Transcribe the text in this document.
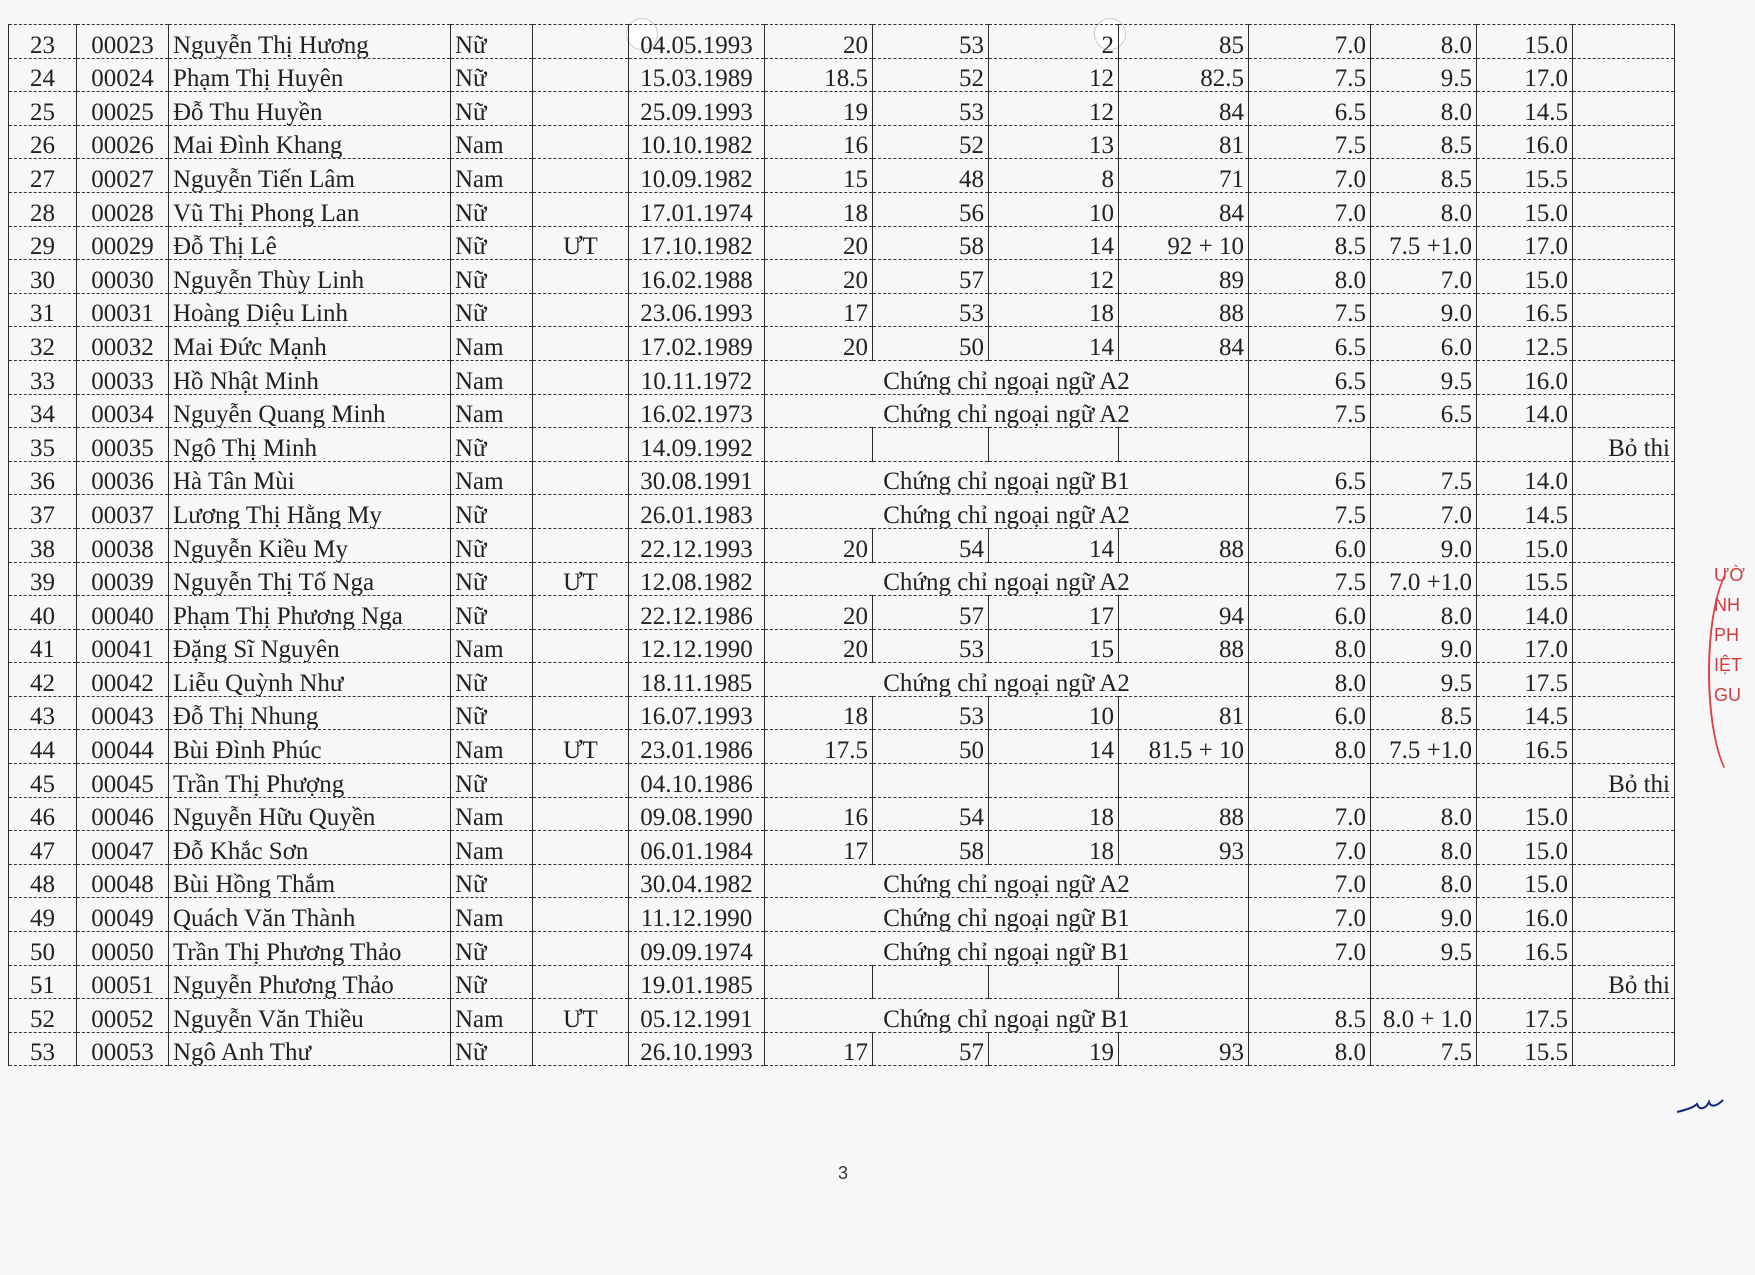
23	00023	Nguyễn Thị Hương	Nữ		04.05.1993	20	53	2	85	7.0	8.0	15.0	
24	00024	Phạm Thị Huyên	Nữ		15.03.1989	18.5	52	12	82.5	7.5	9.5	17.0	
25	00025	Đỗ Thu Huyền	Nữ		25.09.1993	19	53	12	84	6.5	8.0	14.5	
26	00026	Mai Đình Khang	Nam		10.10.1982	16	52	13	81	7.5	8.5	16.0	
27	00027	Nguyễn Tiến Lâm	Nam		10.09.1982	15	48	8	71	7.0	8.5	15.5	
28	00028	Vũ Thị Phong Lan	Nữ		17.01.1974	18	56	10	84	7.0	8.0	15.0	
29	00029	Đỗ Thị Lê	Nữ	ƯT	17.10.1982	20	58	14	92 + 10	8.5	7.5 +1.0	17.0	
30	00030	Nguyễn Thùy Linh	Nữ		16.02.1988	20	57	12	89	8.0	7.0	15.0	
31	00031	Hoàng Diệu Linh	Nữ		23.06.1993	17	53	18	88	7.5	9.0	16.5	
32	00032	Mai Đức Mạnh	Nam		17.02.1989	20	50	14	84	6.5	6.0	12.5	
33	00033	Hồ Nhật Minh	Nam		10.11.1972	Chứng chỉ ngoại ngữ A2				6.5	9.5	16.0	
34	00034	Nguyễn Quang Minh	Nam		16.02.1973	Chứng chỉ ngoại ngữ A2				7.5	6.5	14.0	
35	00035	Ngô Thị Minh	Nữ		14.09.1992								Bỏ thi
36	00036	Hà Tân Mùi	Nam		30.08.1991	Chứng chỉ ngoại ngữ B1				6.5	7.5	14.0	
37	00037	Lương Thị Hằng My	Nữ		26.01.1983	Chứng chỉ ngoại ngữ A2				7.5	7.0	14.5	
38	00038	Nguyễn Kiều My	Nữ		22.12.1993	20	54	14	88	6.0	9.0	15.0	
39	00039	Nguyễn Thị Tố Nga	Nữ	ƯT	12.08.1982	Chứng chỉ ngoại ngữ A2				7.5	7.0 +1.0	15.5	
40	00040	Phạm Thị Phương Nga	Nữ		22.12.1986	20	57	17	94	6.0	8.0	14.0	
41	00041	Đặng Sĩ Nguyên	Nam		12.12.1990	20	53	15	88	8.0	9.0	17.0	
42	00042	Liễu Quỳnh Như	Nữ		18.11.1985	Chứng chỉ ngoại ngữ A2				8.0	9.5	17.5	
43	00043	Đỗ Thị Nhung	Nữ		16.07.1993	18	53	10	81	6.0	8.5	14.5	
44	00044	Bùi Đình Phúc	Nam	ƯT	23.01.1986	17.5	50	14	81.5 + 10	8.0	7.5 +1.0	16.5	
45	00045	Trần Thị Phượng	Nữ		04.10.1986								Bỏ thi
46	00046	Nguyễn Hữu Quyền	Nam		09.08.1990	16	54	18	88	7.0	8.0	15.0	
47	00047	Đỗ Khắc Sơn	Nam		06.01.1984	17	58	18	93	7.0	8.0	15.0	
48	00048	Bùi Hồng Thắm	Nữ		30.04.1982	Chứng chỉ ngoại ngữ A2				7.0	8.0	15.0	
49	00049	Quách Văn Thành	Nam		11.12.1990	Chứng chỉ ngoại ngữ B1				7.0	9.0	16.0	
50	00050	Trần Thị Phương Thảo	Nữ		09.09.1974	Chứng chỉ ngoại ngữ B1				7.0	9.5	16.5	
51	00051	Nguyễn Phương Thảo	Nữ		19.01.1985								Bỏ thi
52	00052	Nguyễn Văn Thiều	Nam	ƯT	05.12.1991	Chứng chỉ ngoại ngữ B1				8.5	8.0 + 1.0	17.5	
53	00053	Ngô Anh Thư	Nữ		26.10.1993	17	57	19	93	8.0	7.5	15.5	
3
ƯỜ
NH
PH
IỆT
GU
